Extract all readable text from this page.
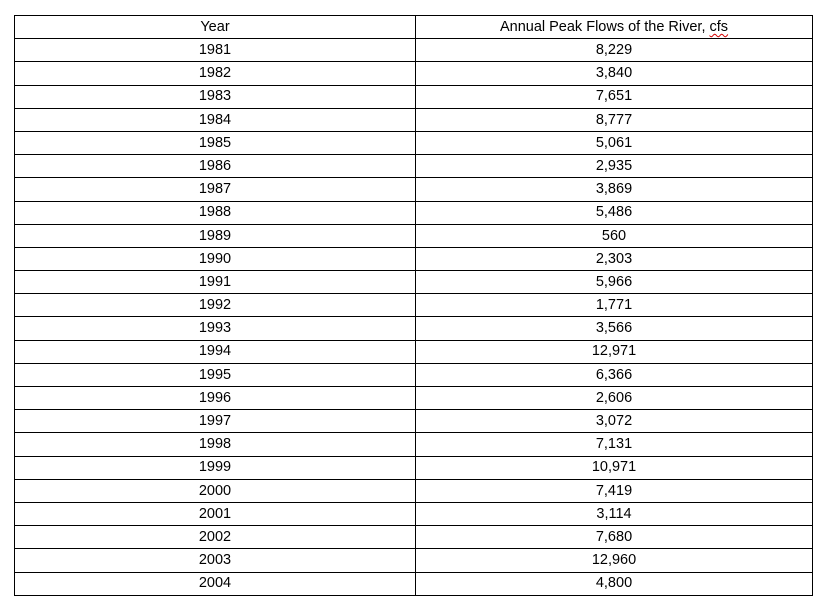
Year	Annual Peak Flows of the River, cfs
1981	8,229
1982	3,840
1983	7,651
1984	8,777
1985	5,061
1986	2,935
1987	3,869
1988	5,486
1989	560
1990	2,303
1991	5,966
1992	1,771
1993	3,566
1994	12,971
1995	6,366
1996	2,606
1997	3,072
1998	7,131
1999	10,971
2000	7,419
2001	3,114
2002	7,680
2003	12,960
2004	4,800
